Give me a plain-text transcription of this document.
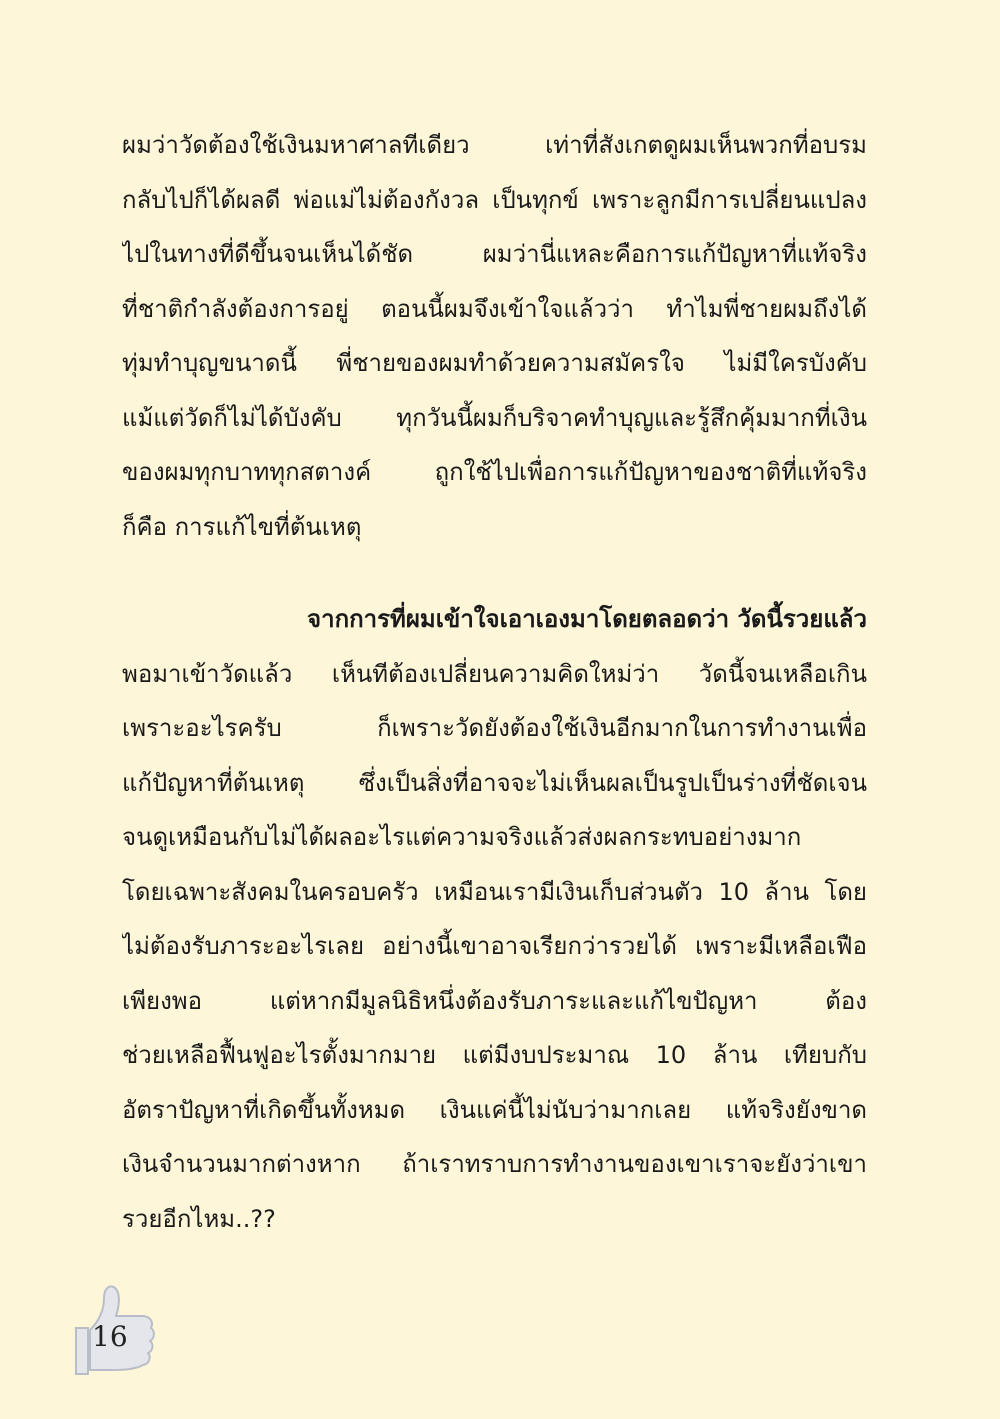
ผมว่าวัดต้องใช้เงินมหาศาลทีเดียว เท่าที่สังเกตดูผมเห็นพวกที่อบรม
กลับไปก็ได้ผลดี พ่อแม่ไม่ต้องกังวล เป็นทุกข์ เพราะลูกมีการเปลี่ยนแปลง
ไปในทางที่ดีขึ้นจนเห็นได้ชัด ผมว่านี่แหละคือการแก้ปัญหาที่แท้จริง
ที่ชาติกำลังต้องการอยู่ ตอนนี้ผมจึงเข้าใจแล้วว่า ทำไมพี่ชายผมถึงได้
ทุ่มทำบุญขนาดนี้ พี่ชายของผมทำด้วยความสมัครใจ ไม่มีใครบังคับ
แม้แต่วัดก็ไม่ได้บังคับ ทุกวันนี้ผมก็บริจาคทำบุญและรู้สึกคุ้มมากที่เงิน
ของผมทุกบาททุกสตางค์ ถูกใช้ไปเพื่อการแก้ปัญหาของชาติที่แท้จริง
ก็คือ การแก้ไขที่ต้นเหตุ
จากการที่ผมเข้าใจเอาเองมาโดยตลอดว่า วัดนี้รวยแล้ว
พอมาเข้าวัดแล้ว เห็นทีต้องเปลี่ยนความคิดใหม่ว่า วัดนี้จนเหลือเกิน
เพราะอะไรครับ ก็เพราะวัดยังต้องใช้เงินอีกมากในการทำงานเพื่อ
แก้ปัญหาที่ต้นเหตุ ซึ่งเป็นสิ่งที่อาจจะไม่เห็นผลเป็นรูปเป็นร่างที่ชัดเจน
จนดูเหมือนกับไม่ได้ผลอะไรแต่ความจริงแล้วส่งผลกระทบอย่างมาก
โดยเฉพาะสังคมในครอบครัว เหมือนเรามีเงินเก็บส่วนตัว 10 ล้าน โดย
ไม่ต้องรับภาระอะไรเลย อย่างนี้เขาอาจเรียกว่ารวยได้ เพราะมีเหลือเฟือ
เพียงพอ แต่หากมีมูลนิธิหนึ่งต้องรับภาระและแก้ไขปัญหา ต้อง
ช่วยเหลือฟื้นฟูอะไรตั้งมากมาย แต่มีงบประมาณ 10 ล้าน เทียบกับ
อัตราปัญหาที่เกิดขึ้นทั้งหมด เงินแค่นี้ไม่นับว่ามากเลย แท้จริงยังขาด
เงินจำนวนมากต่างหาก ถ้าเราทราบการทำงานของเขาเราจะยังว่าเขา
รวยอีกไหม..??
16
